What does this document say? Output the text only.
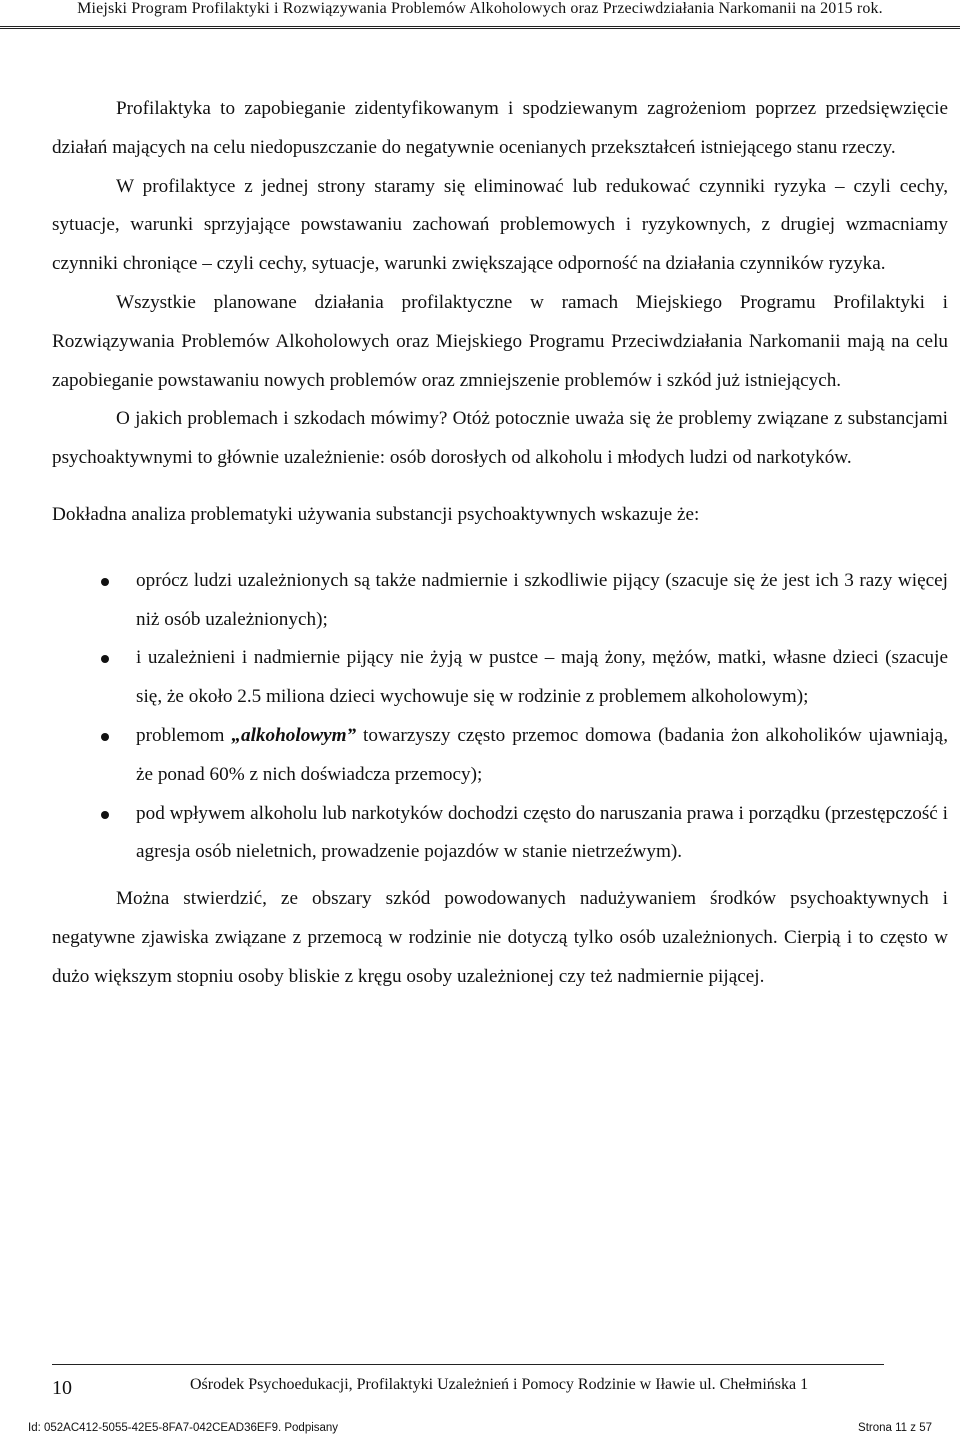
Miejski Program Profilaktyki i Rozwiązywania Problemów Alkoholowych oraz Przeciwdziałania Narkomanii na 2015 rok.

Profilaktyka to zapobieganie zidentyfikowanym i spodziewanym zagrożeniom poprzez przedsięwzięcie działań mających na celu niedopuszczanie do negatywnie ocenianych przekształceń istniejącego stanu rzeczy.

W profilaktyce z jednej strony staramy się eliminować lub redukować czynniki ryzyka – czyli cechy, sytuacje, warunki sprzyjające powstawaniu zachowań problemowych i ryzykownych, z drugiej wzmacniamy czynniki chroniące – czyli cechy, sytuacje, warunki zwiększające odporność na działania czynników ryzyka.

Wszystkie planowane działania profilaktyczne w ramach Miejskiego Programu Profilaktyki i Rozwiązywania Problemów Alkoholowych oraz Miejskiego Programu Przeciwdziałania Narkomanii mają na celu zapobieganie powstawaniu nowych problemów oraz zmniejszenie problemów i szkód już istniejących.

O jakich problemach i szkodach mówimy? Otóż potocznie uważa się że problemy związane z substancjami psychoaktywnymi to głównie uzależnienie: osób dorosłych od alkoholu i młodych ludzi od narkotyków.

Dokładna analiza problematyki używania substancji psychoaktywnych wskazuje że:

oprócz ludzi uzależnionych są także nadmiernie i szkodliwie pijący (szacuje się że jest ich 3 razy więcej niż osób uzależnionych);
i uzależnieni i nadmiernie pijący nie żyją w pustce – mają żony, mężów, matki, własne dzieci (szacuje się, że około 2.5 miliona dzieci wychowuje się w rodzinie z problemem alkoholowym);
problemom „alkoholowym” towarzyszy często przemoc domowa (badania żon alkoholików ujawniają, że ponad 60% z nich doświadcza przemocy);
pod wpływem alkoholu lub narkotyków dochodzi często do naruszania prawa i porządku (przestępczość i agresja osób nieletnich, prowadzenie pojazdów w stanie nietrzeźwym).

Można stwierdzić, ze obszary szkód powodowanych nadużywaniem środków psychoaktywnych i negatywne zjawiska związane z przemocą w rodzinie nie dotyczą tylko osób uzależnionych. Cierpią i to często w dużo większym stopniu osoby bliskie z kręgu osoby uzależnionej czy też nadmiernie pijącej.

10	Ośrodek Psychoedukacji, Profilaktyki Uzależnień i Pomocy Rodzinie w Iławie ul. Chełmińska 1
Id: 052AC412-5055-42E5-8FA7-042CEAD36EF9. Podpisany	Strona 11 z 57
